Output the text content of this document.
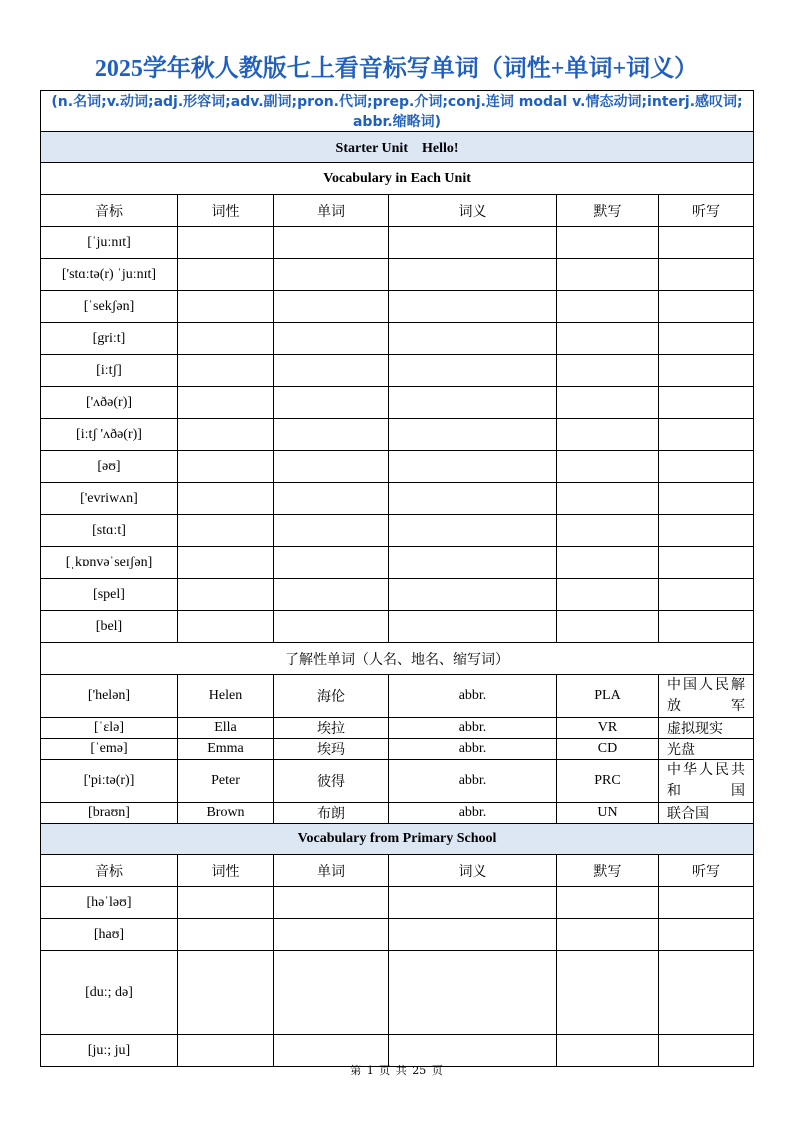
2025学年秋人教版七上看音标写单词（词性+单词+词义）
(n.名词;v.动词;adj.形容词;adv.副词;pron.代词;prep.介词;conj.连词 modal v.情态动词;interj.感叹词; abbr.缩略词)					
Starter Unit　Hello!					
Vocabulary in Each Unit					
音标	词性	单词	词义	默写	听写
[ˈjuːnɪt]					
['stɑːtə(r) ˈjuːnɪt]					
[ˈsekʃən]					
[griːt]					
[iːtʃ]					
['ʌðə(r)]					
[iːtʃ 'ʌðə(r)]					
[əʊ]					
['evriwʌn]					
[stɑːt]					
[ˌkɒnvəˈseɪʃən]					
[spel]					
[bel]					
了解性单词（人名、地名、缩写词）					
['helən]	Helen	海伦	abbr.	PLA	中国人民解放军
[ˈɛlə]	Ella	埃拉	abbr.	VR	虚拟现实
[ˈemə]	Emma	埃玛	abbr.	CD	光盘
['piːtə(r)]	Peter	彼得	abbr.	PRC	中华人民共和国
[braʊn]	Brown	布朗	abbr.	UN	联合国
Vocabulary from Primary School					
音标	词性	单词	词义	默写	听写
[həˈləʊ]					
[haʊ]					
[duː; də]					
[juː; ju]					
第 1 页 共 25 页
